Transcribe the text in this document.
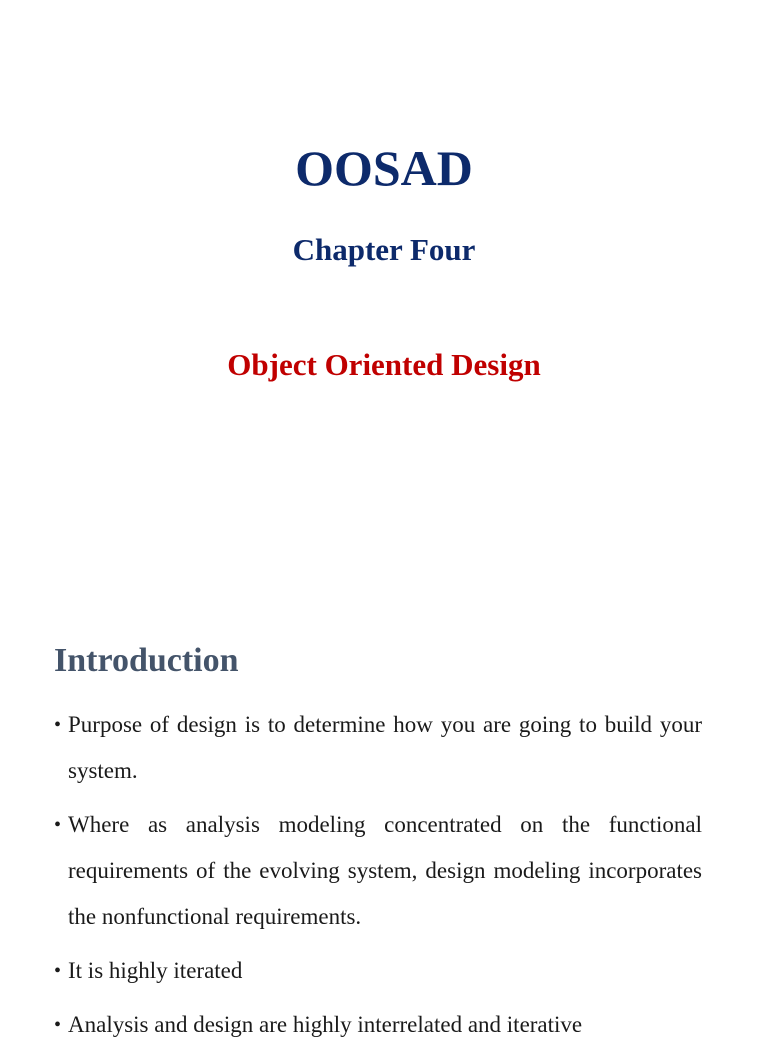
OOSAD
Chapter Four
Object Oriented Design
Introduction
• Purpose of design is to determine how you are going to build your system.
• Where as analysis modeling concentrated on the functional requirements of the evolving system, design modeling incorporates the nonfunctional requirements.
• It is highly iterated
• Analysis and design are highly interrelated and iterative
